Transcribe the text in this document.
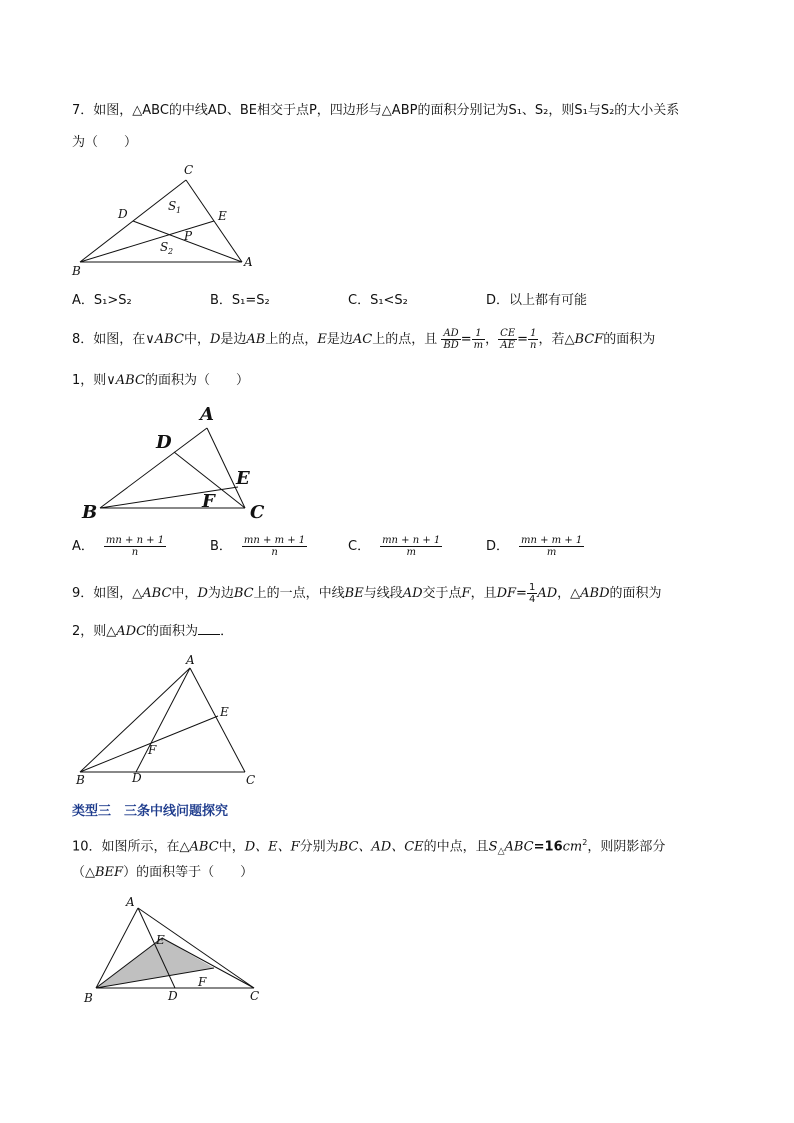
7．如图，△ABC的中线AD、BE相交于点P，四边形与△ABP的面积分别记为S₁、S₂，则S₁与S₂的大小关系
为（　　）
C
D	E
B
A
P
S 1
S 2
A．S₁>S₂	B．S₁=S₂	C．S₁<S₂	D．以上都有可能
8．如图，在∨ABC中，D是边AB上的点，E是边AC上的点，且 $\frac{AD}{BD} = \frac{1}{m}$ ， $\frac{CE}{AE} = \frac{1}{n}$ ，若△BCF的面积为
1，则∨ABC的面积为（　　）
A
D
E
F
B	C
A． $\frac{mn + n + 1}{n}$	B． $\frac{mn + m + 1}{n}$	C． $\frac{mn + n + 1}{m}$	D． $\frac{mn + m + 1}{m}$
9．如图，△ABC中，D为边BC上的一点，中线BE与线段AD交于点F，且$DF= \frac{1}{4}$ AD，△ABD的面积为
2，则△ADC的面积为 ．
A
E
F
B	D	C
类型三　三条中线问题探究
10．如图所示，在△ABC中，D、E、F分别为BC、AD、CE的中点，且$S_\triangle ABC=16cm^2$，则阴影部分
（△BEF）的面积等于（　　）
A
E
F
B	D	C
